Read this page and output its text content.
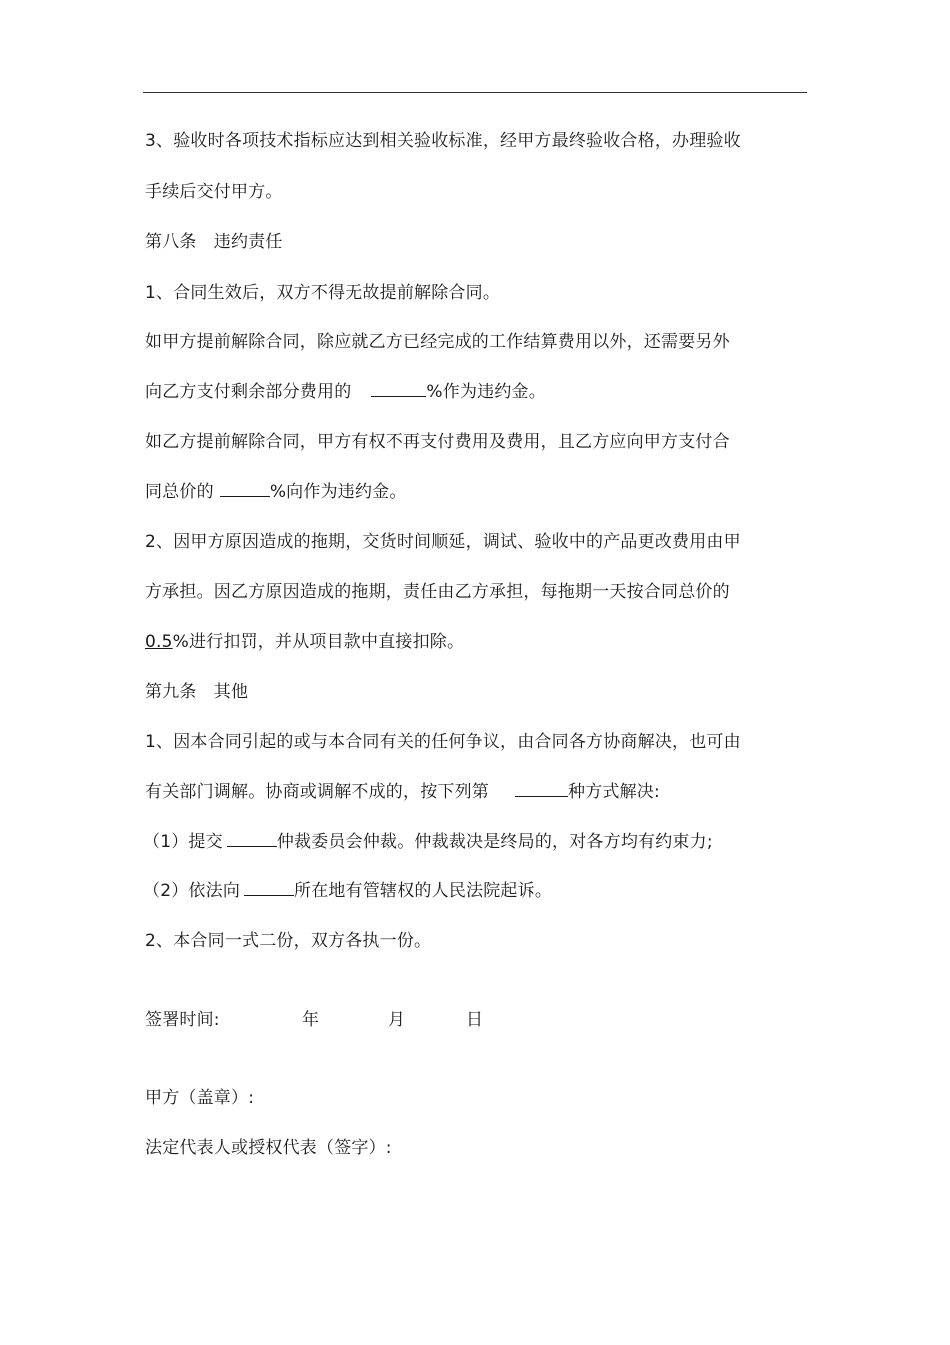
3、验收时各项技术指标应达到相关验收标准，经甲方最终验收合格，办理验收
手续后交付甲方。
第八条　违约责任
1、合同生效后，双方不得无故提前解除合同。
如甲方提前解除合同，除应就乙方已经完成的工作结算费用以外，还需要另外
向乙方支付剩余部分费用的	%作为违约金。
如乙方提前解除合同，甲方有权不再支付费用及费用，且乙方应向甲方支付合
同总价的	%向作为违约金。
2、因甲方原因造成的拖期，交货时间顺延，调试、验收中的产品更改费用由甲
方承担。因乙方原因造成的拖期，责任由乙方承担，每拖期一天按合同总价的
0.5%进行扣罚，并从项目款中直接扣除。
第九条　其他
1、因本合同引起的或与本合同有关的任何争议，由合同各方协商解决，也可由
有关部门调解。协商或调解不成的，按下列第	种方式解决:
（1）提交	仲裁委员会仲裁。仲裁裁决是终局的，对各方均有约束力;
（2）依法向	所在地有管辖权的人民法院起诉。
2、本合同一式二份，双方各执一份。
签署时间:	年	月	日
甲方（盖章）:
法定代表人或授权代表（签字）:
